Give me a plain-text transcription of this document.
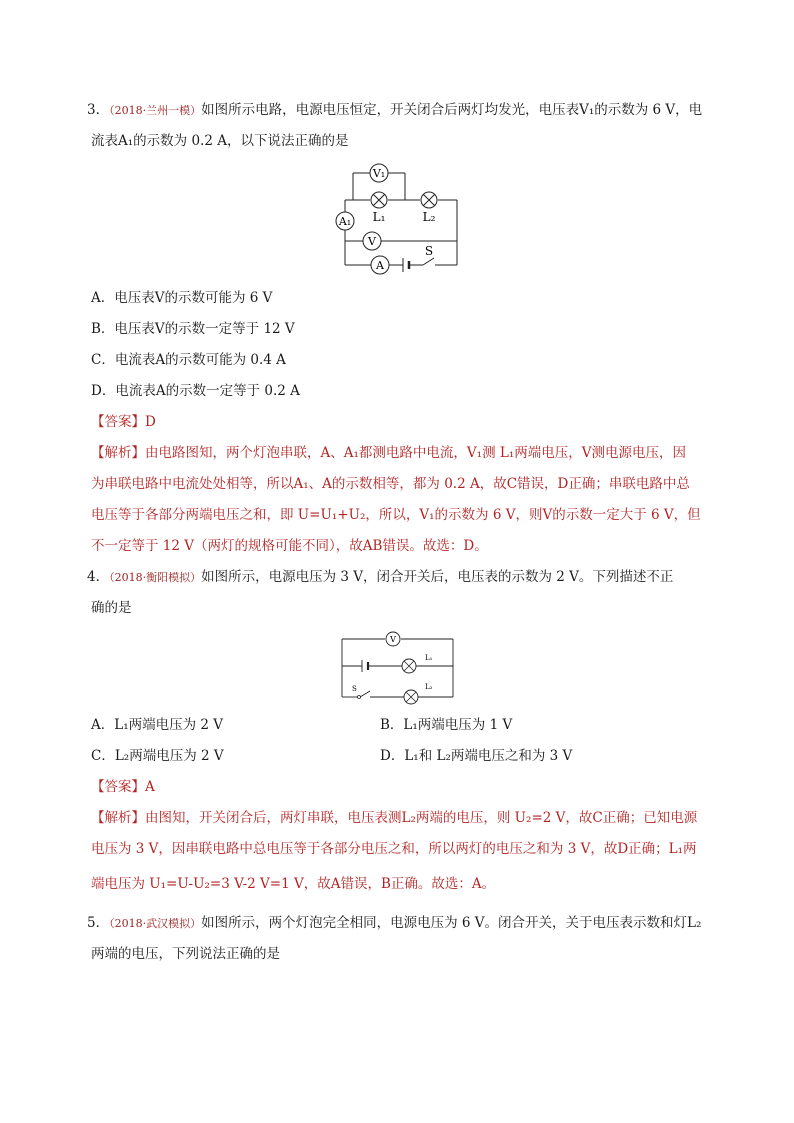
3．（2018·兰州一模）如图所示电路，电源电压恒定，开关闭合后两灯均发光，电压表V₁的示数为 6 V，电
流表A₁的示数为 0.2 A，以下说法正确的是
V₁
L₁	L₂
A₁
V
S
A
A．电压表V的示数可能为 6 V
B．电压表V的示数一定等于 12 V
C．电流表A的示数可能为 0.4 A
D．电流表A的示数一定等于 0.2 A
【答案】D
【解析】由电路图知，两个灯泡串联，A、A₁都测电路中电流，V₁测 L₁两端电压，V测电源电压，因
为串联电路中电流处处相等，所以A₁、A的示数相等，都为 0.2 A，故C错误，D正确；串联电路中总
电压等于各部分两端电压之和，即 U=U₁+U₂，所以，V₁的示数为 6 V，则V的示数一定大于 6 V，但
不一定等于 12 V（两灯的规格可能不同），故AB错误。故选：D。
4．（2018·衡阳模拟）如图所示，电源电压为 3 V，闭合开关后，电压表的示数为 2 V。下列描述不正
确的是
V
L₁
L₂
S
A．L₁两端电压为 2 V	B．L₁两端电压为 1 V
C．L₂两端电压为 2 V	D．L₁和 L₂两端电压之和为 3 V
【答案】A
【解析】由图知，开关闭合后，两灯串联，电压表测L₂两端的电压，则 U₂=2 V，故C正确；已知电源
电压为 3 V，因串联电路中总电压等于各部分电压之和，所以两灯的电压之和为 3 V，故D正确；L₁两
端电压为 U₁=U-U₂=3 V-2 V=1 V，故A错误，B正确。故选：A。
5．（2018·武汉模拟）如图所示，两个灯泡完全相同，电源电压为 6 V。闭合开关，关于电压表示数和灯L₂
两端的电压，下列说法正确的是
